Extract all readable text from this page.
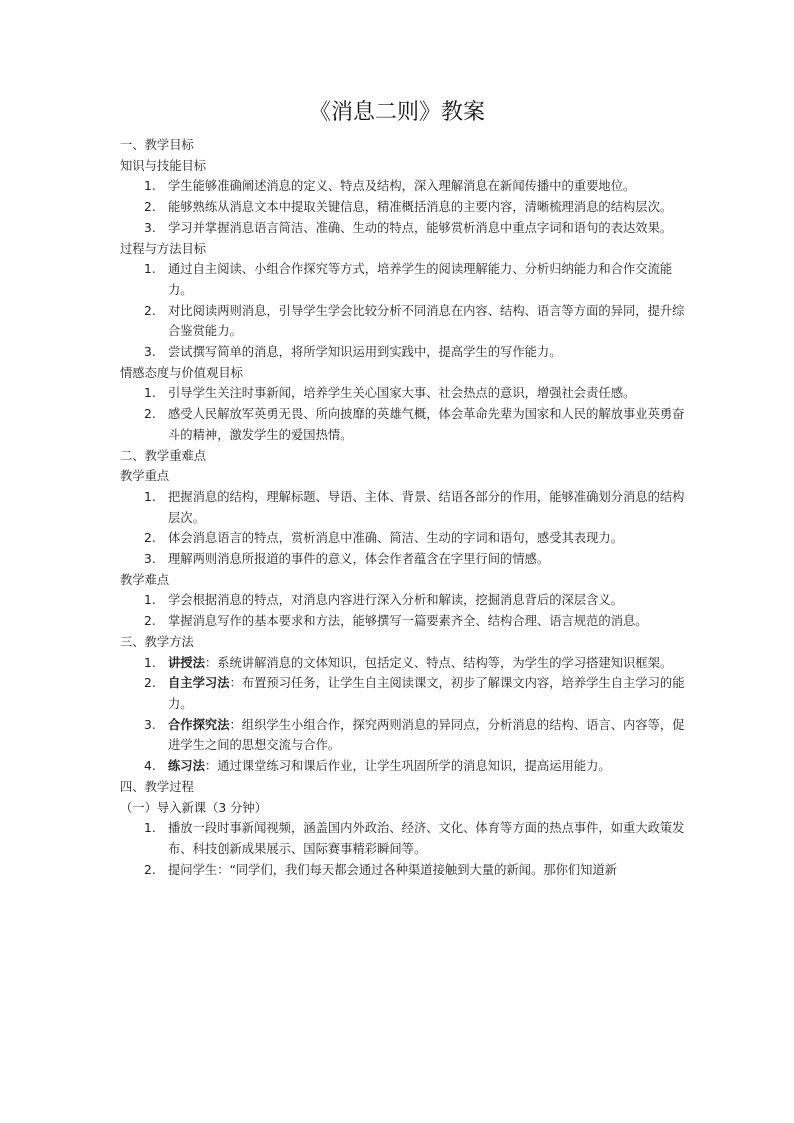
《消息二则》教案
一、教学目标
知识与技能目标
1. 学生能够准确阐述消息的定义、特点及结构，深入理解消息在新闻传播中的重要地位。
2. 能够熟练从消息文本中提取关键信息，精准概括消息的主要内容，清晰梳理消息的结构层次。
3. 学习并掌握消息语言简洁、准确、生动的特点，能够赏析消息中重点字词和语句的表达效果。
过程与方法目标
1. 通过自主阅读、小组合作探究等方式，培养学生的阅读理解能力、分析归纳能力和合作交流能力。
2. 对比阅读两则消息，引导学生学会比较分析不同消息在内容、结构、语言等方面的异同，提升综合鉴赏能力。
3. 尝试撰写简单的消息，将所学知识运用到实践中，提高学生的写作能力。
情感态度与价值观目标
1. 引导学生关注时事新闻，培养学生关心国家大事、社会热点的意识，增强社会责任感。
2. 感受人民解放军英勇无畏、所向披靡的英雄气概，体会革命先辈为国家和人民的解放事业英勇奋斗的精神，激发学生的爱国热情。
二、教学重难点
教学重点
1. 把握消息的结构，理解标题、导语、主体、背景、结语各部分的作用，能够准确划分消息的结构层次。
2. 体会消息语言的特点，赏析消息中准确、简洁、生动的字词和语句，感受其表现力。
3. 理解两则消息所报道的事件的意义，体会作者蕴含在字里行间的情感。
教学难点
1. 学会根据消息的特点，对消息内容进行深入分析和解读，挖掘消息背后的深层含义。
2. 掌握消息写作的基本要求和方法，能够撰写一篇要素齐全、结构合理、语言规范的消息。
三、教学方法
1. 讲授法：系统讲解消息的文体知识，包括定义、特点、结构等，为学生的学习搭建知识框架。
2. 自主学习法：布置预习任务，让学生自主阅读课文，初步了解课文内容，培养学生自主学习的能力。
3. 合作探究法：组织学生小组合作，探究两则消息的异同点，分析消息的结构、语言、内容等，促进学生之间的思想交流与合作。
4. 练习法：通过课堂练习和课后作业，让学生巩固所学的消息知识，提高运用能力。
四、教学过程
（一）导入新课（3 分钟）
1. 播放一段时事新闻视频，涵盖国内外政治、经济、文化、体育等方面的热点事件，如重大政策发布、科技创新成果展示、国际赛事精彩瞬间等。
2. 提问学生：“同学们，我们每天都会通过各种渠道接触到大量的新闻。那你们知道新
